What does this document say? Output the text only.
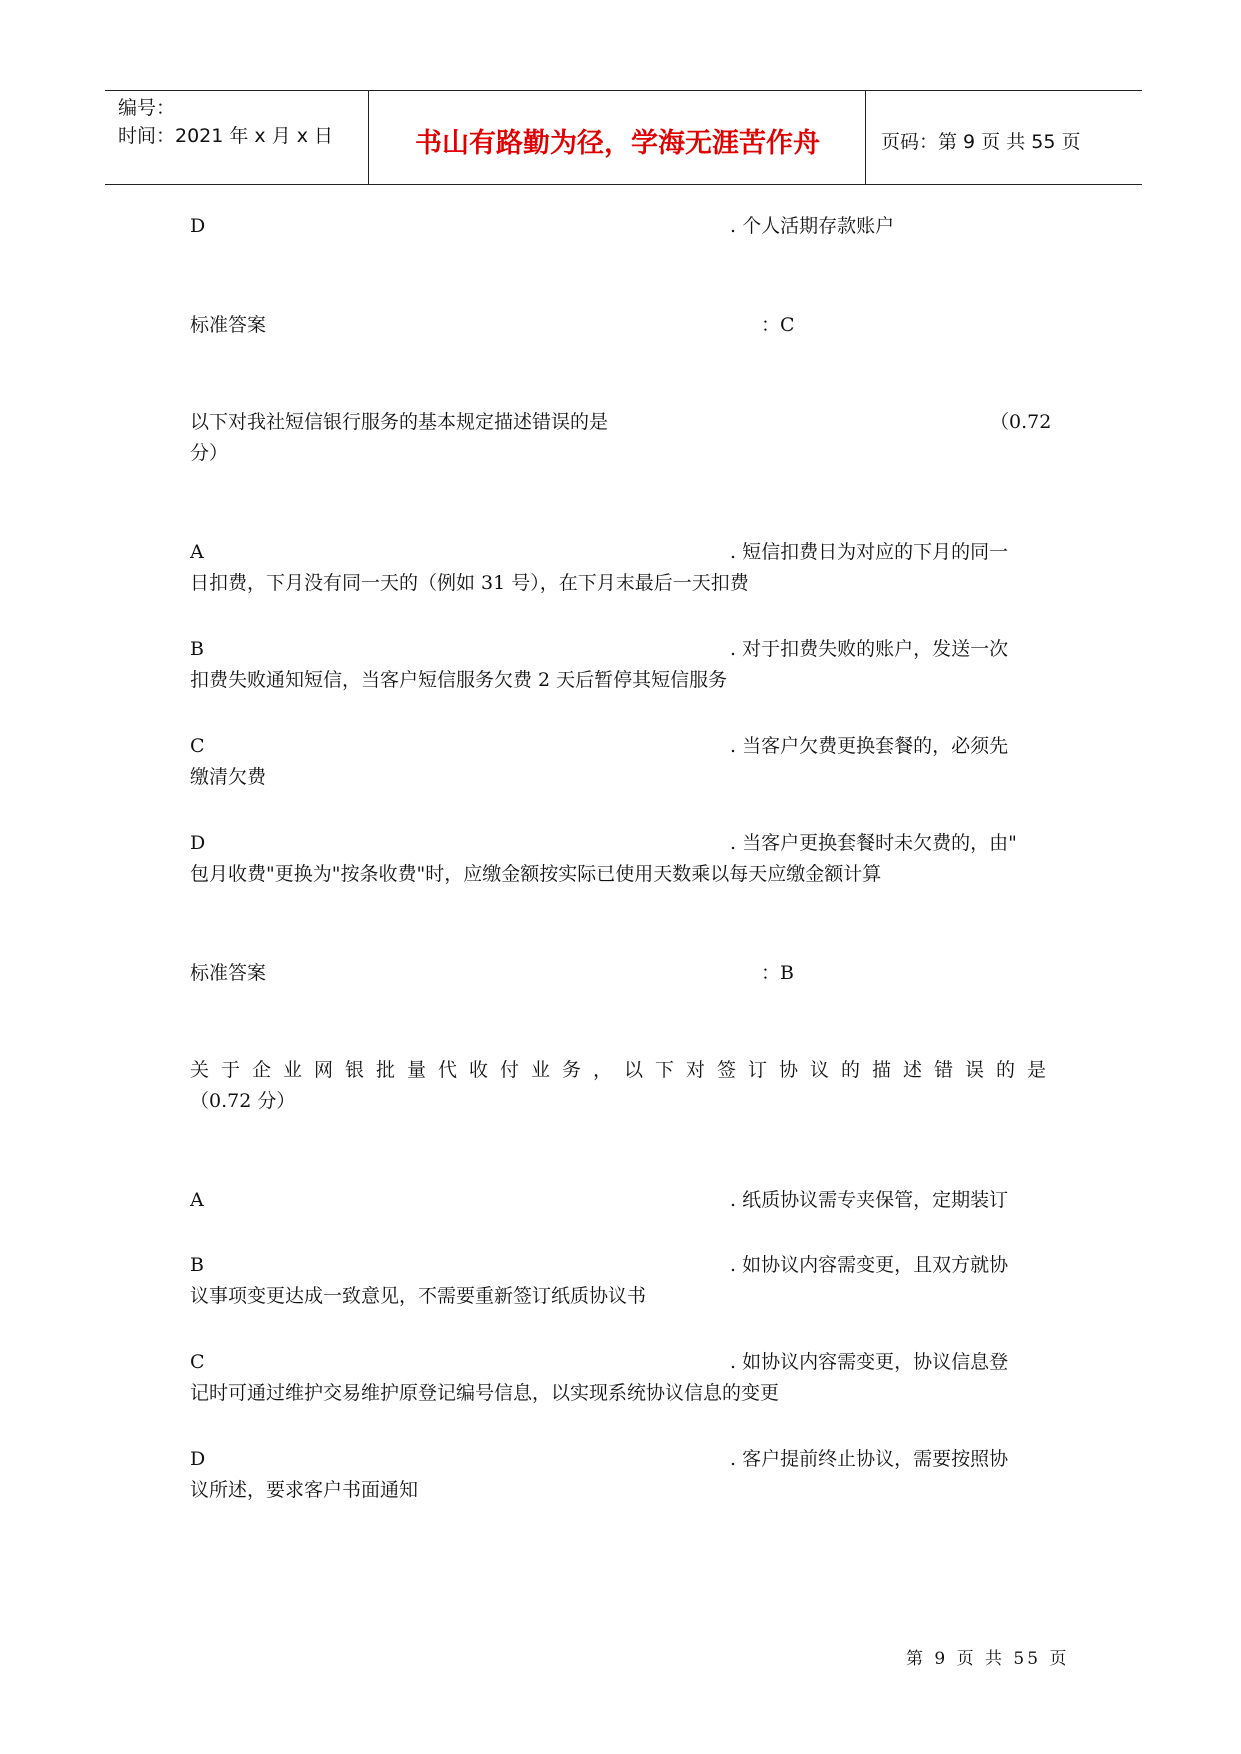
编号：
时间：2021 年 x 月 x 日	书山有路勤为径，学海无涯苦作舟	页码：第 9 页 共 55 页
D	. 个人活期存款账户
标准答案	：C
以下对我社短信银行服务的基本规定描述错误的是	（0.72
分）
A	. 短信扣费日为对应的下月的同一
日扣费，下月没有同一天的（例如 31 号），在下月末最后一天扣费
B	. 对于扣费失败的账户，发送一次
扣费失败通知短信，当客户短信服务欠费 2 天后暂停其短信服务
C	. 当客户欠费更换套餐的，必须先
缴清欠费
D	. 当客户更换套餐时未欠费的，由"
包月收费"更换为"按条收费"时，应缴金额按实际已使用天数乘以每天应缴金额计算
标准答案	：B
关于企业网银批量代收付业务，以下对签订协议的描述错误的是
（0.72 分）
A	. 纸质协议需专夹保管，定期装订
B	. 如协议内容需变更，且双方就协
议事项变更达成一致意见，不需要重新签订纸质协议书
C	. 如协议内容需变更，协议信息登
记时可通过维护交易维护原登记编号信息，以实现系统协议信息的变更
D	. 客户提前终止协议，需要按照协
议所述，要求客户书面通知
第 9 页 共 55 页
